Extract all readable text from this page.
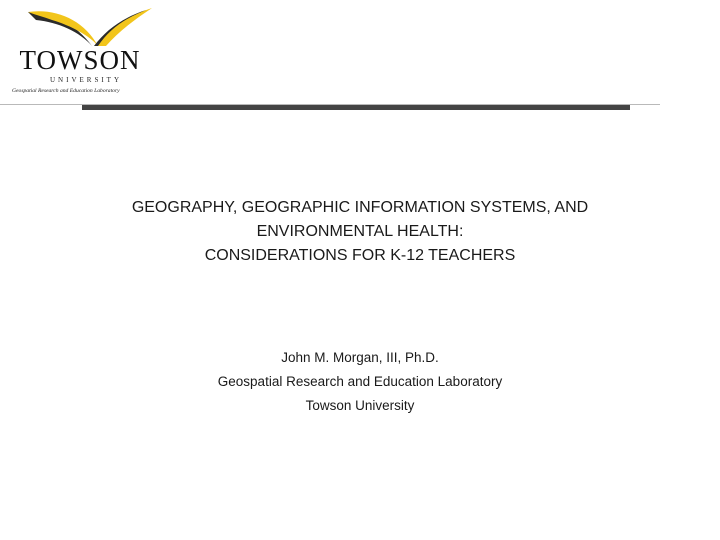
TOWSON
UNIVERSITY
Geospatial Research and Education Laboratory
GEOGRAPHY, GEOGRAPHIC INFORMATION SYSTEMS, AND
ENVIRONMENTAL HEALTH:
CONSIDERATIONS FOR K-12 TEACHERS
John M. Morgan, III, Ph.D.
Geospatial Research and Education Laboratory
Towson University
